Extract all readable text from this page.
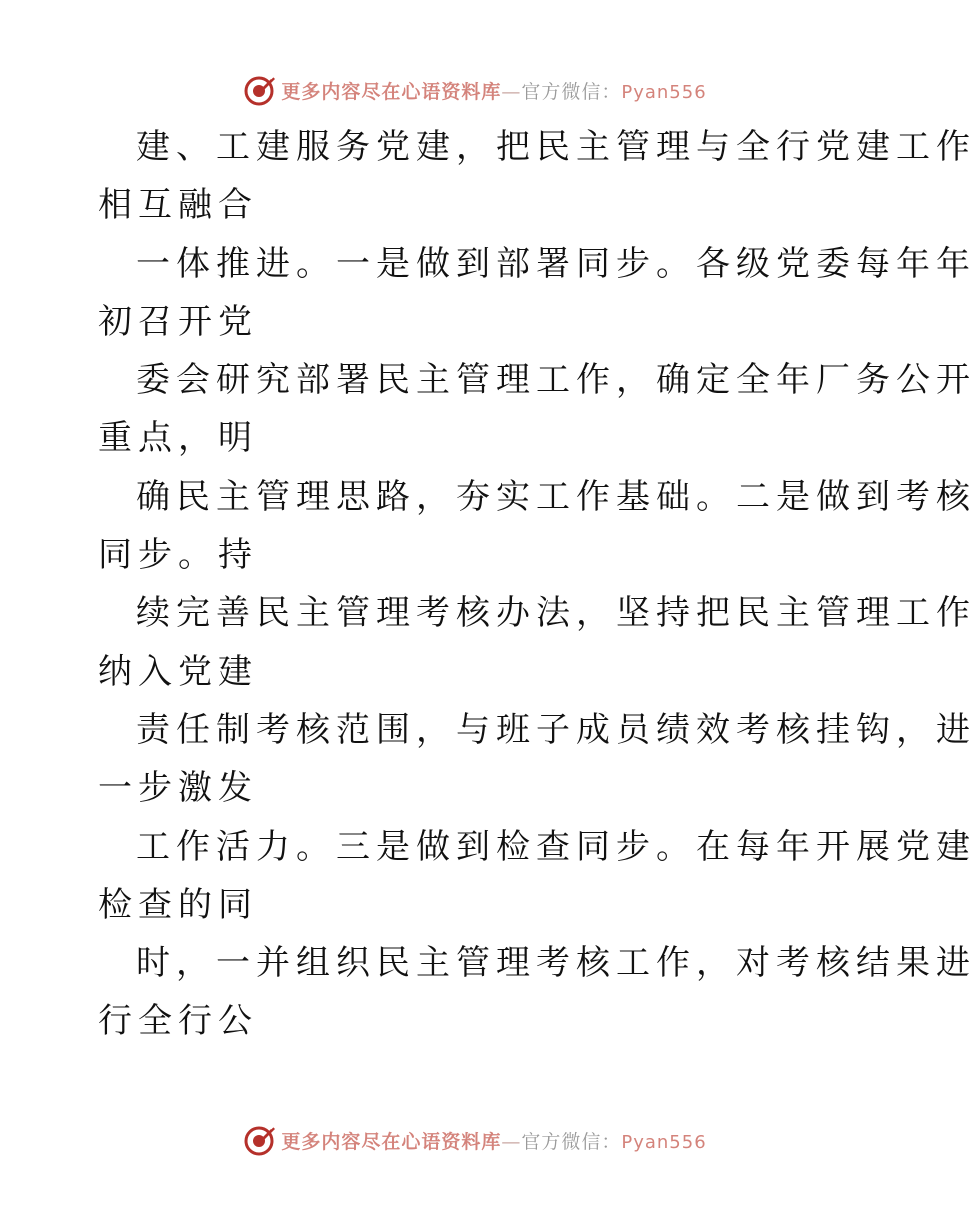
更多内容尽在心语资料库—官方微信：Pyan556
建、工建服务党建，把民主管理与全行党建工作
相互融合
一体推进。一是做到部署同步。各级党委每年年
初召开党
委会研究部署民主管理工作，确定全年厂务公开
重点，明
确民主管理思路，夯实工作基础。二是做到考核
同步。持
续完善民主管理考核办法，坚持把民主管理工作
纳入党建
责任制考核范围，与班子成员绩效考核挂钩，进
一步激发
工作活力。三是做到检查同步。在每年开展党建
检查的同
时，一并组织民主管理考核工作，对考核结果进
行全行公
更多内容尽在心语资料库—官方微信：Pyan556
